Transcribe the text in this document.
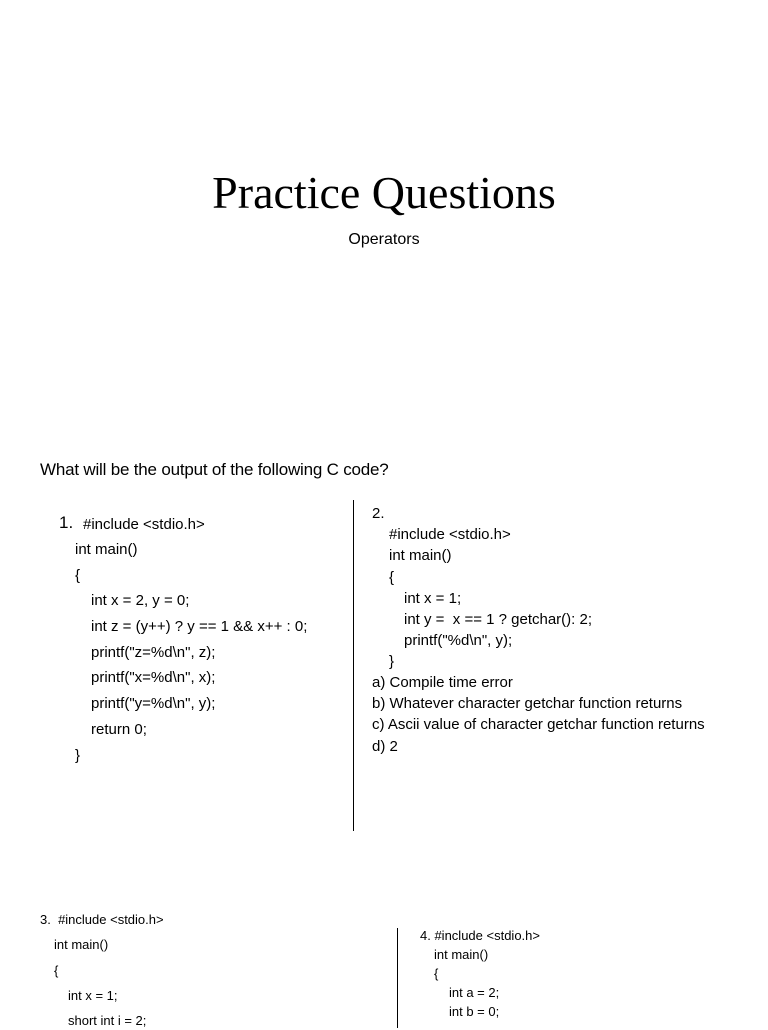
Practice Questions
Operators
What will be the output of the following C code?
1. #include <stdio.h>
int main()
{
int x = 2, y = 0;
int z = (y++) ? y == 1 && x++ : 0;
printf("z=%d\n", z);
printf("x=%d\n", x);
printf("y=%d\n", y);
return 0;
}
2.
#include <stdio.h>
int main()
{
int x = 1;
int y =  x == 1 ? getchar(): 2;
printf("%d\n", y);
}
a) Compile time error
b) Whatever character getchar function returns
c) Ascii value of character getchar function returns
d) 2
3.  #include <stdio.h>
int main()
{
int x = 1;
short int i = 2;
4. #include <stdio.h>
int main()
{
int a = 2;
int b = 0;
